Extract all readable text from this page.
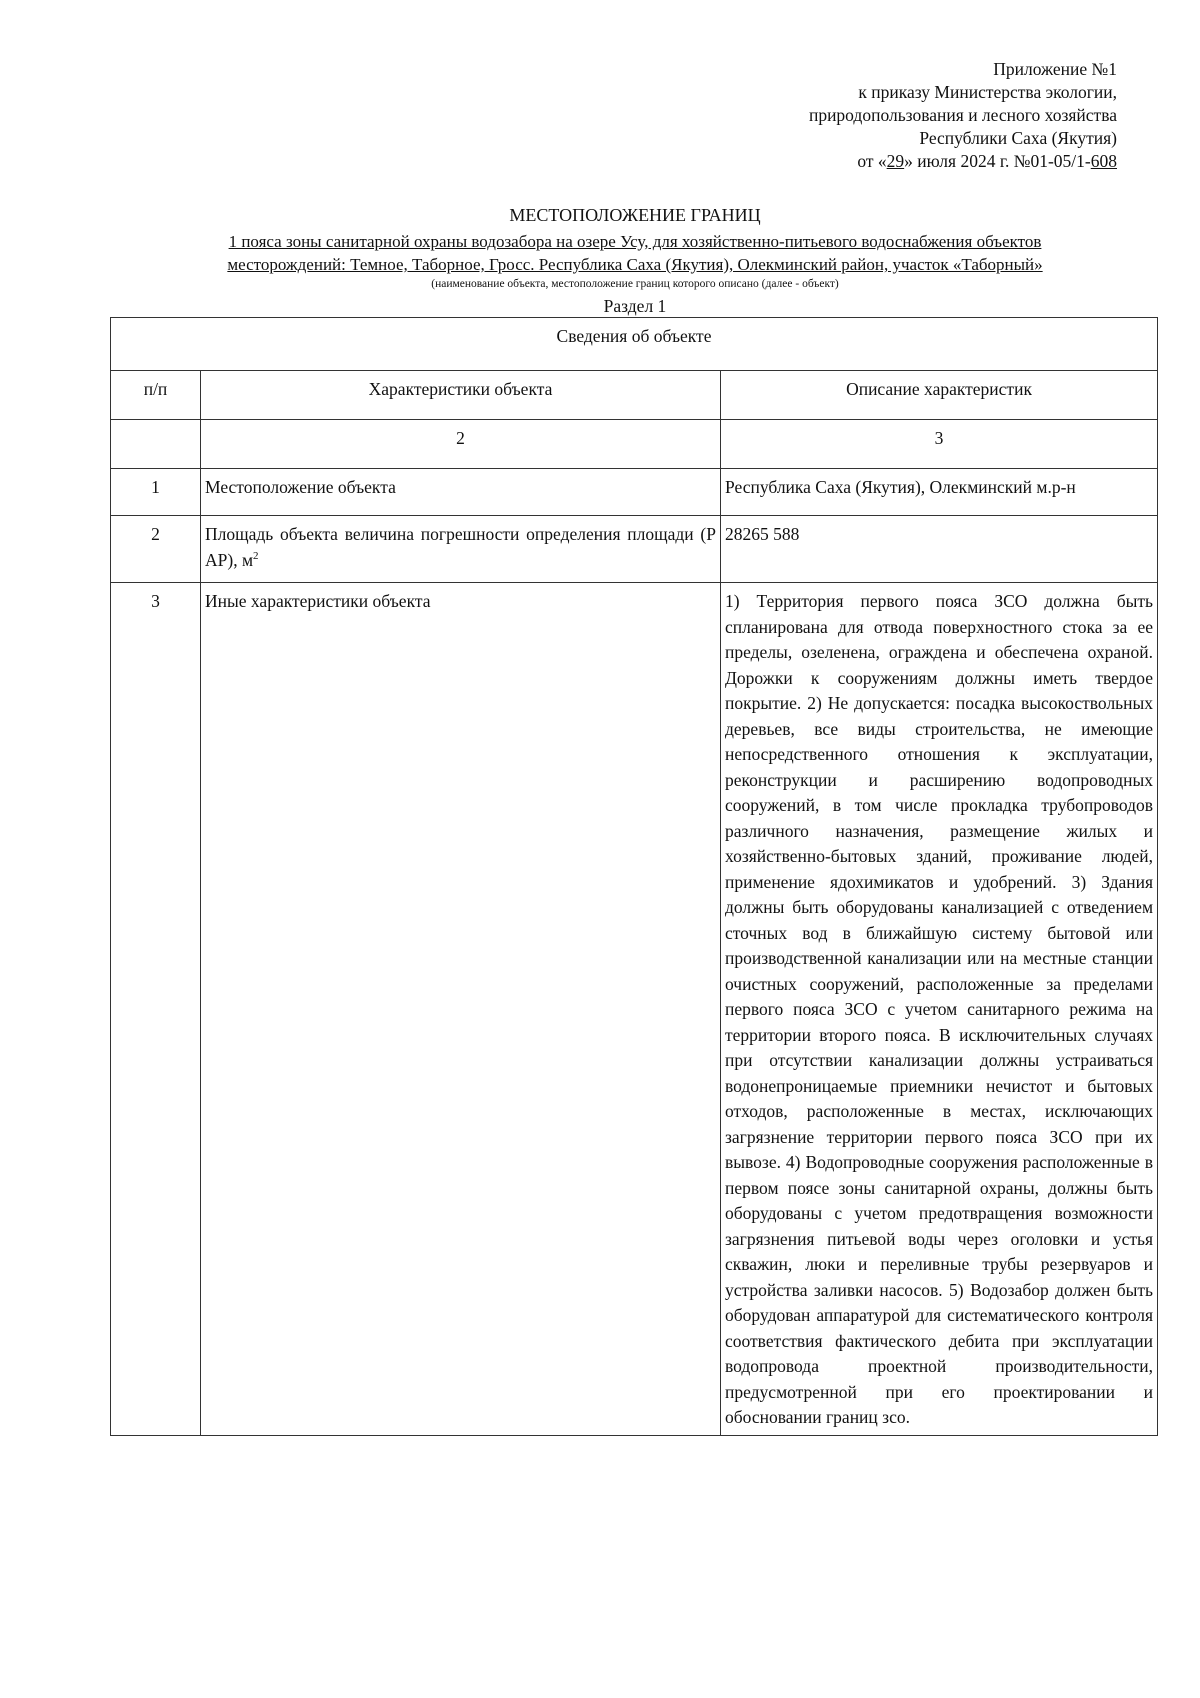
Приложение №1
к приказу Министерства экологии,
природопользования и лесного хозяйства
Республики Саха (Якутия)
от «29» июля 2024 г. №01-05/1-608
МЕСТОПОЛОЖЕНИЕ ГРАНИЦ
1 пояса зоны санитарной охраны водозабора на озере Усу, для хозяйственно-питьевого водоснабжения объектов
месторождений: Темное, Таборное, Гросс. Республика Саха (Якутия), Олекминский район, участок «Таборный»
(наименование объекта, местоположение границ которого описано (далее - объект)
Раздел 1
Сведения об объекте		
п/п	Характеристики объекта	Описание характеристик
	2	3
1	Местоположение объекта	Республика Саха (Якутия), Олекминский м.р-н
2	Площадь объекта величина погрешности определения площади (Р АР), $м^2$	28265 588
3	Иные характеристики объекта	1) Территория первого пояса ЗСО должна быть спланирована для отвода поверхностного стока за ее пределы, озеленена, ограждена и обеспечена охраной. Дорожки к сооружениям должны иметь твердое покрытие. 2) Не допускается: посадка высокоствольных деревьев, все виды строительства, не имеющие непосредственного отношения к эксплуатации, реконструкции и расширению водопроводных сооружений, в том числе прокладка трубопроводов различного назначения, размещение жилых и хозяйственно-бытовых зданий, проживание людей, применение ядохимикатов и удобрений. 3) Здания должны быть оборудованы канализацией с отведением сточных вод в ближайшую систему бытовой или производственной канализации или на местные станции очистных сооружений, расположенные за пределами первого пояса ЗСО с учетом санитарного режима на территории второго пояса. В исключительных случаях при отсутствии канализации должны устраиваться водонепроницаемые приемники нечистот и бытовых отходов, расположенные в местах, исключающих загрязнение территории первого пояса ЗСО при их вывозе. 4) Водопроводные сооружения расположенные в первом поясе зоны санитарной охраны, должны быть оборудованы с учетом предотвращения возможности загрязнения питьевой воды через оголовки и устья скважин, люки и переливные трубы резервуаров и устройства заливки насосов. 5) Водозабор должен быть оборудован аппаратурой для систематического контроля соответствия фактического дебита при эксплуатации водопровода проектной производительности, предусмотренной при его проектировании и обосновании границ зсо.
